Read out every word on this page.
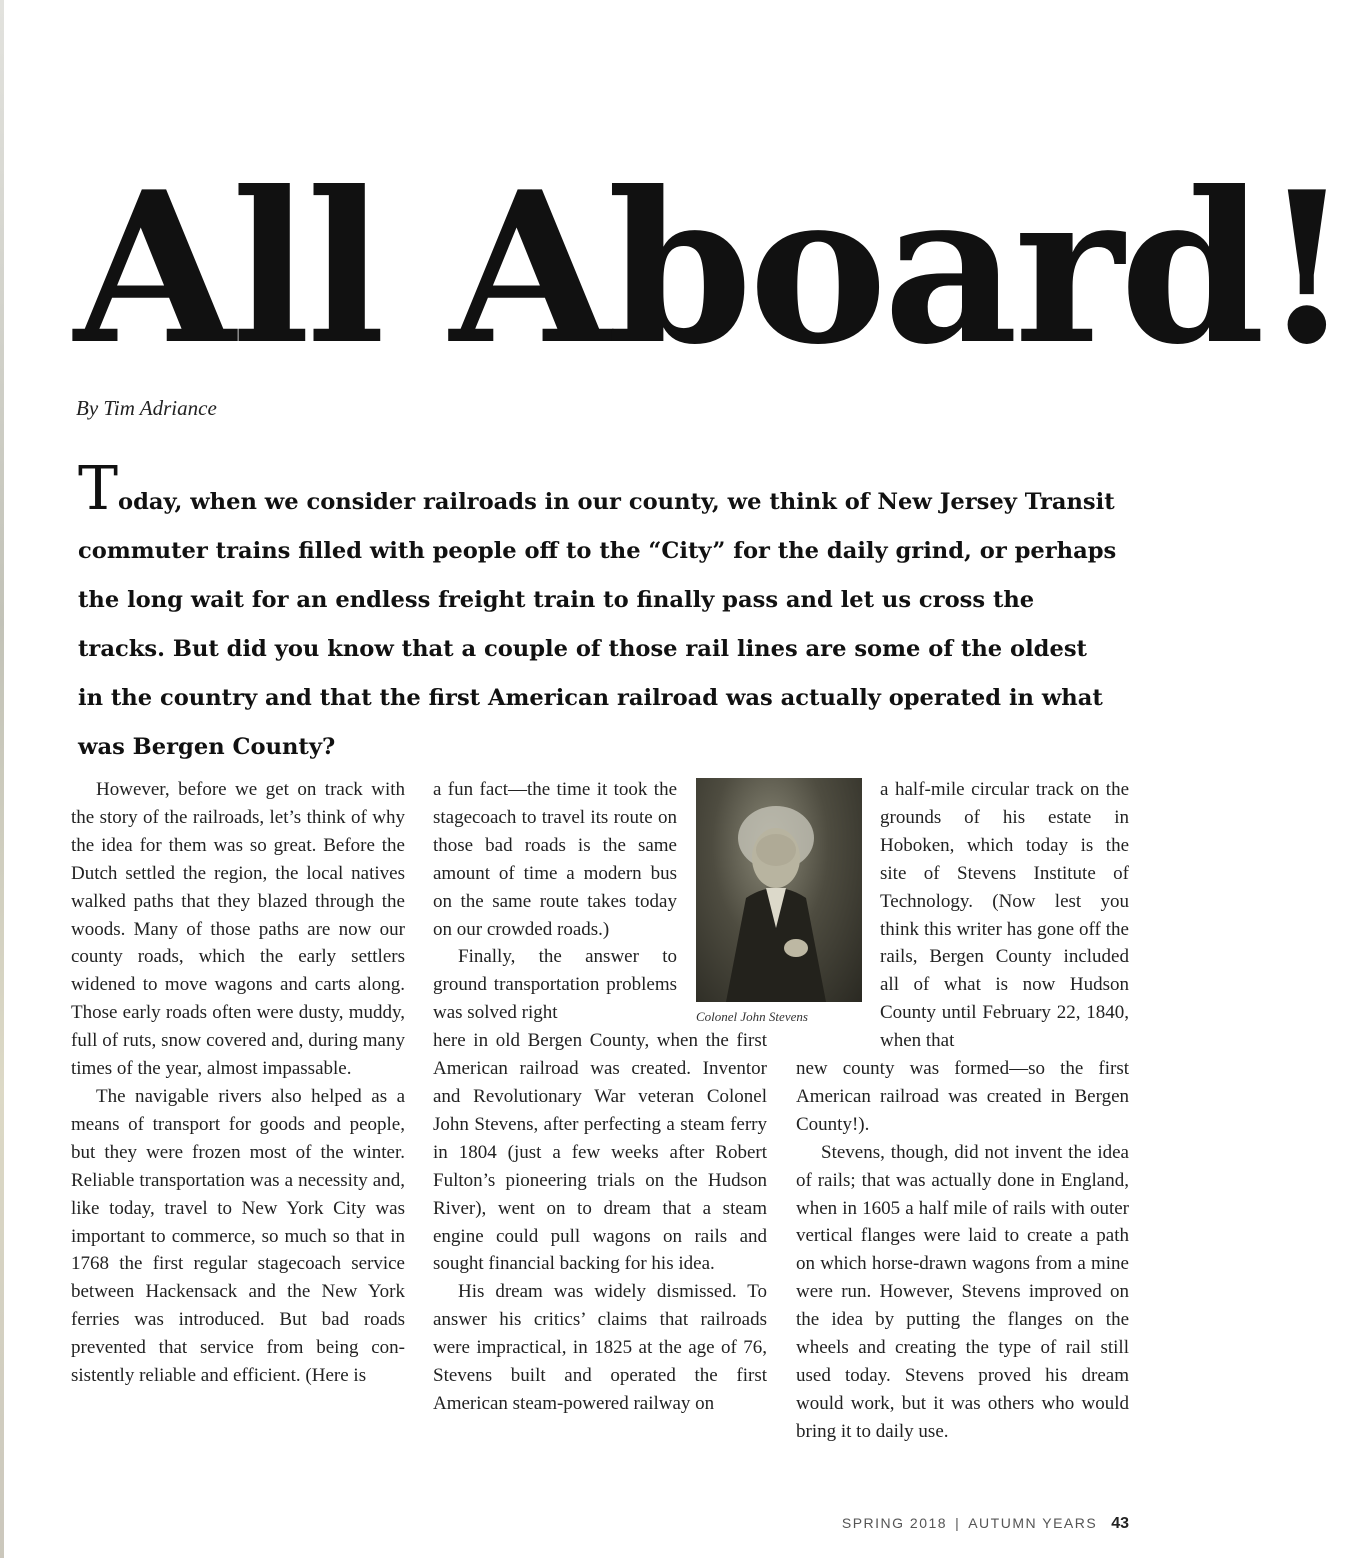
All Aboard!
By Tim Adriance

Today, when we consider railroads in our county, we think of New Jersey Transit commuter trains filled with people off to the “City” for the daily grind, or perhaps the long wait for an endless freight train to finally pass and let us cross the tracks. But did you know that a couple of those rail lines are some of the oldest in the country and that the first American railroad was actually operated in what was Bergen County?

However, before we get on track with the story of the railroads, let’s think of why the idea for them was so great. Before the Dutch settled the region, the local natives walked paths that they blazed through the woods. Many of those paths are now our county roads, which the early settlers widened to move wagons and carts along. Those early roads often were dusty, muddy, full of ruts, snow covered and, during many times of the year, almost impassable.

The navigable rivers also helped as a means of transport for goods and people, but they were frozen most of the winter. Reliable transportation was a necessity and, like today, travel to New York City was important to commerce, so much so that in 1768 the first regular stagecoach service between Hackensack and the New York ferries was introduced. But bad roads prevented that service from being consistently reliable and efficient. (Here is

a fun fact—the time it took the stagecoach to travel its route on those bad roads is the same amount of time a modern bus on the same route takes today on our crowded roads.)

Finally, the answer to ground transportation problems was solved right

here in old Bergen County, when the first American railroad was created. Inventor and Revolutionary War veteran Colonel John Stevens, after perfecting a steam ferry in 1804 (just a few weeks after Robert Fulton’s pioneering trials on the Hudson River), went on to dream that a steam engine could pull wagons on rails and sought financial backing for his idea.

His dream was widely dismissed. To answer his critics’ claims that railroads were impractical, in 1825 at the age of 76, Stevens built and operated the first American steam-powered railway on

Colonel John Stevens

a half-mile circular track on the grounds of his estate in Hoboken, which today is the site of Stevens Institute of Technology. (Now lest you think this writer has gone off the rails, Bergen County included all of what is now Hudson County until February 22, 1840, when that

new county was formed—so the first American railroad was created in Bergen County!).

Stevens, though, did not invent the idea of rails; that was actually done in England, when in 1605 a half mile of rails with outer vertical flanges were laid to create a path on which horse-drawn wagons from a mine were run. However, Stevens improved on the idea by putting the flanges on the wheels and creating the type of rail still used today. Stevens proved his dream would work, but it was others who would bring it to daily use.

SPRING 2018 | AUTUMN YEARS 43
